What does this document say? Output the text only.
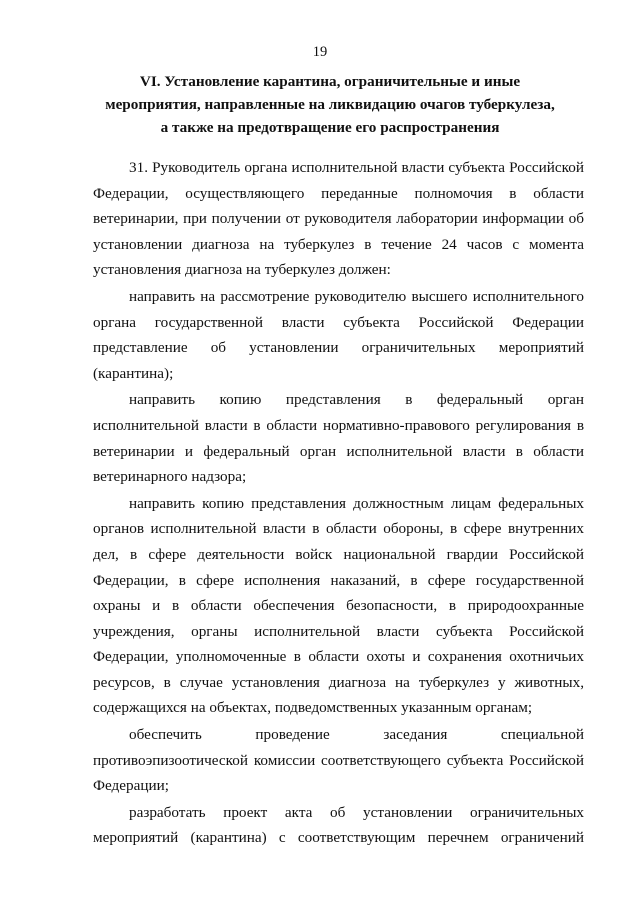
19
VI. Установление карантина, ограничительные и иные
мероприятия, направленные на ликвидацию очагов туберкулеза,
а также на предотвращение его распространения

31. Руководитель органа исполнительной власти субъекта Российской Федерации, осуществляющего переданные полномочия в области ветеринарии, при получении от руководителя лаборатории информации об установлении диагноза на туберкулез в течение 24 часов с момента установления диагноза на туберкулез должен:

направить на рассмотрение руководителю высшего исполнительного органа государственной власти субъекта Российской Федерации представление об установлении ограничительных мероприятий (карантина);

направить копию представления в федеральный орган исполнительной власти в области нормативно-правового регулирования в ветеринарии и федеральный орган исполнительной власти в области ветеринарного надзора;

направить копию представления должностным лицам федеральных органов исполнительной власти в области обороны, в сфере внутренних дел, в сфере деятельности войск национальной гвардии Российской Федерации, в сфере исполнения наказаний, в сфере государственной охраны и в области обеспечения безопасности, в природоохранные учреждения, органы исполнительной власти субъекта Российской Федерации, уполномоченные в области охоты и сохранения охотничьих ресурсов, в случае установления диагноза на туберкулез у животных, содержащихся на объектах, подведомственных указанным органам;

обеспечить проведение заседания специальной противоэпизоотической комиссии соответствующего субъекта Российской Федерации;

разработать проект акта об установлении ограничительных мероприятий (карантина) с соответствующим перечнем ограничений
